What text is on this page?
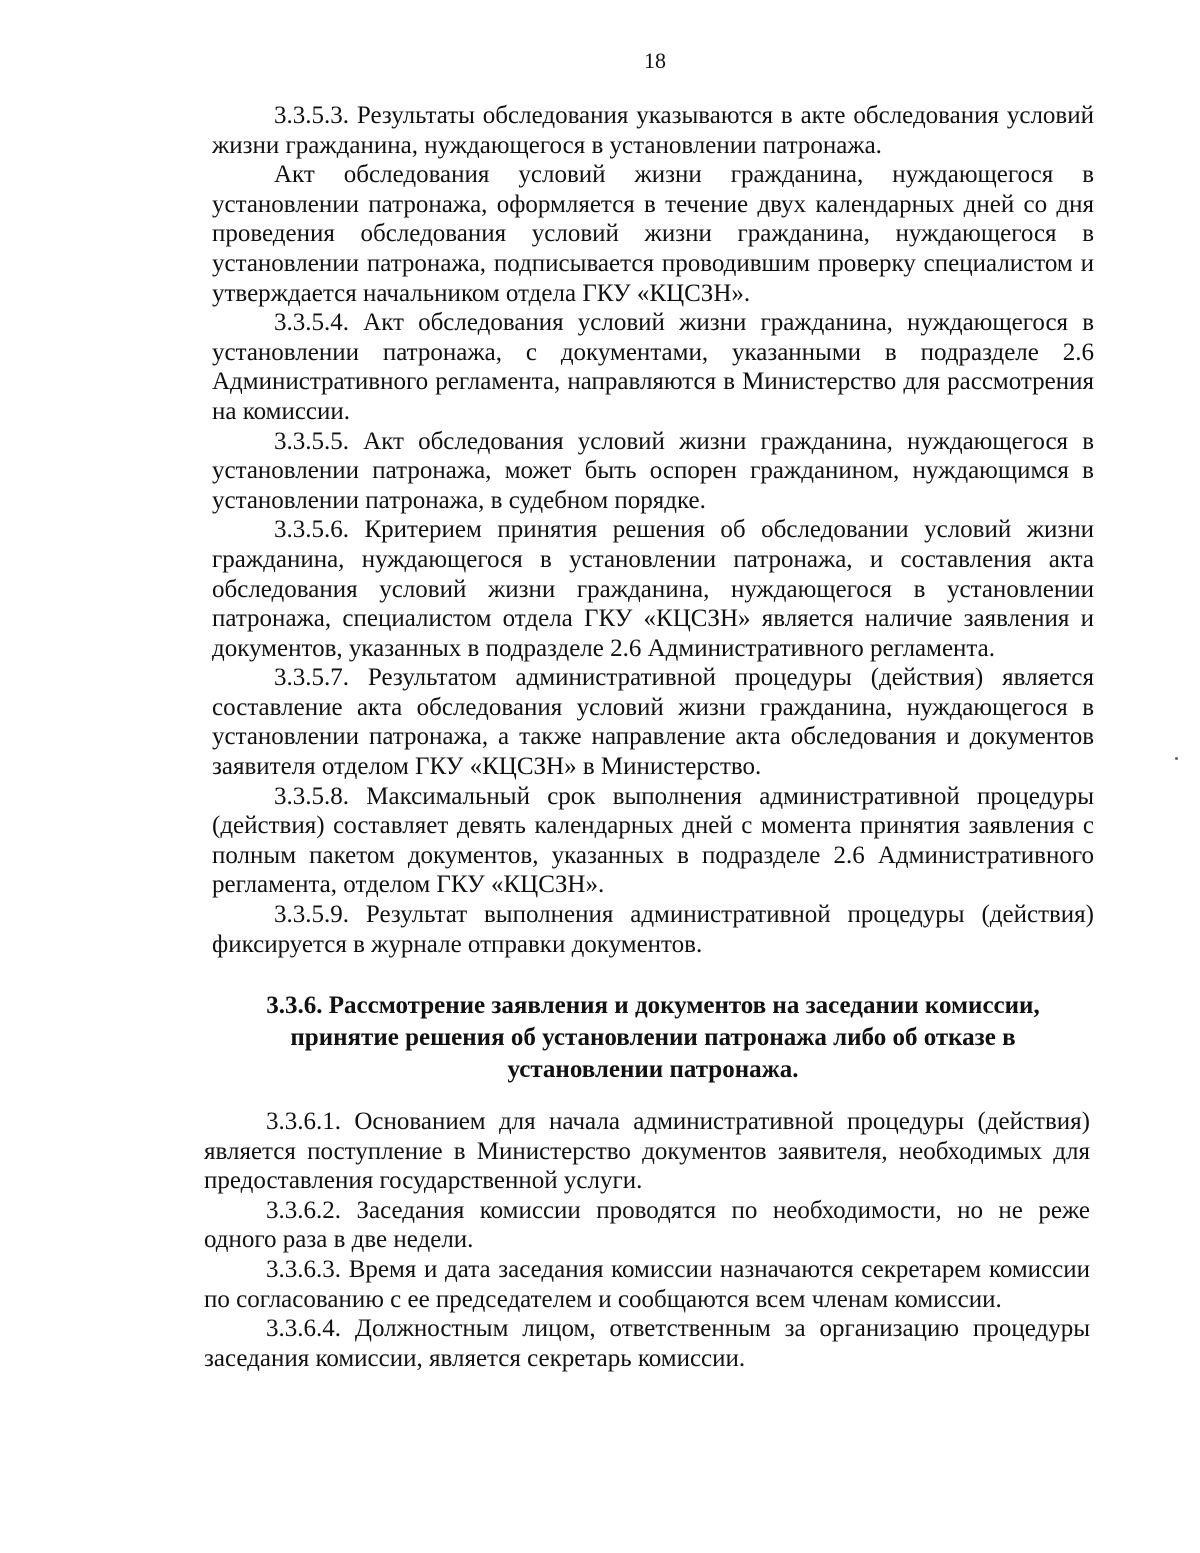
18

3.3.5.3. Результаты обследования указываются в акте обследования условий жизни гражданина, нуждающегося в установлении патронажа.

Акт обследования условий жизни гражданина, нуждающегося в установлении патронажа, оформляется в течение двух календарных дней со дня проведения обследования условий жизни гражданина, нуждающегося в установлении патронажа, подписывается проводившим проверку специалистом и утверждается начальником отдела ГКУ «КЦСЗН».

3.3.5.4. Акт обследования условий жизни гражданина, нуждающегося в установлении патронажа, с документами, указанными в подразделе 2.6 Административного регламента, направляются в Министерство для рассмотрения на комиссии.

3.3.5.5. Акт обследования условий жизни гражданина, нуждающегося в установлении патронажа, может быть оспорен гражданином, нуждающимся в установлении патронажа, в судебном порядке.

3.3.5.6. Критерием принятия решения об обследовании условий жизни гражданина, нуждающегося в установлении патронажа, и составления акта обследования условий жизни гражданина, нуждающегося в установлении патронажа, специалистом отдела ГКУ «КЦСЗН» является наличие заявления и документов, указанных в подразделе 2.6 Административного регламента.

3.3.5.7. Результатом административной процедуры (действия) является составление акта обследования условий жизни гражданина, нуждающегося в установлении патронажа, а также направление акта обследования и документов заявителя отделом ГКУ «КЦСЗН» в Министерство.

3.3.5.8. Максимальный срок выполнения административной процедуры (действия) составляет девять календарных дней с момента принятия заявления с полным пакетом документов, указанных в подразделе 2.6 Административного регламента, отделом ГКУ «КЦСЗН».

3.3.5.9. Результат выполнения административной процедуры (действия) фиксируется в журнале отправки документов.

3.3.6. Рассмотрение заявления и документов на заседании комиссии,

принятие решения об установлении патронажа либо об отказе в

установлении патронажа.

3.3.6.1. Основанием для начала административной процедуры (действия) является поступление в Министерство документов заявителя, необходимых для предоставления государственной услуги.

3.3.6.2. Заседания комиссии проводятся по необходимости, но не реже одного раза в две недели.

3.3.6.3. Время и дата заседания комиссии назначаются секретарем комиссии по согласованию с ее председателем и сообщаются всем членам комиссии.

3.3.6.4. Должностным лицом, ответственным за организацию процедуры заседания комиссии, является секретарь комиссии.
